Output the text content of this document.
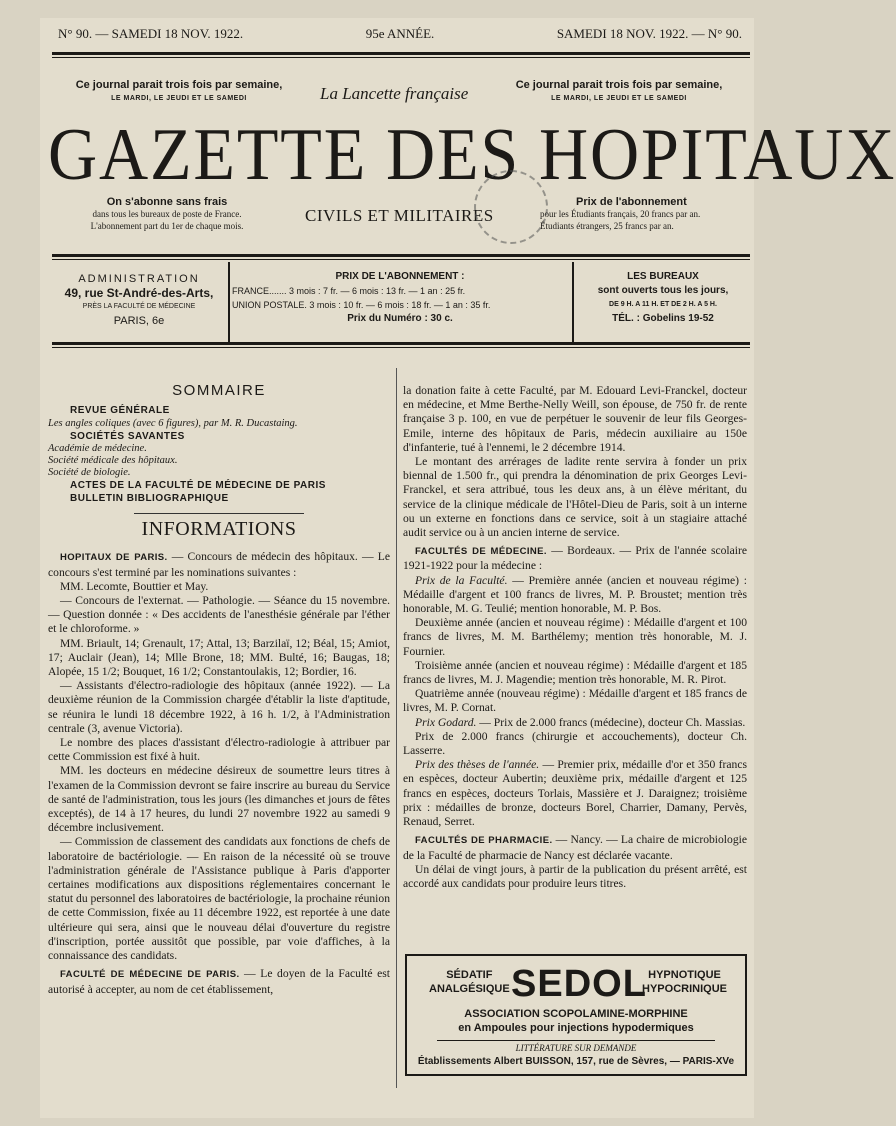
N° 90. — SAMEDI 18 NOV. 1922.	95e ANNÉE.	SAMEDI 18 NOV. 1922. — N° 90.
Ce journal parait trois fois par semaine,
LE MARDI, LE JEUDI ET LE SAMEDI	La Lancette française	Ce journal parait trois fois par semaine,
LE MARDI, LE JEUDI ET LE SAMEDI
GAZETTE DES HOPITAUX
On s'abonne sans frais
dans tous les bureaux de poste de France.
L'abonnement part du 1er de chaque mois.
CIVILS ET MILITAIRES
Prix de l'abonnement
pour les Étudiants français, 20 francs par an.
Étudiants étrangers, 25 francs par an.
ADMINISTRATION
49, rue St-André-des-Arts,
PRÈS LA FACULTÉ DE MÉDECINE
PARIS, 6e
PRIX DE L'ABONNEMENT :
FRANCE....... 3 mois : 7 fr. — 6 mois : 13 fr. — 1 an : 25 fr.
UNION POSTALE. 3 mois : 10 fr. — 6 mois : 18 fr. — 1 an : 35 fr.
Prix du Numéro : 30 c.
LES BUREAUX
sont ouverts tous les jours,
DE 9 H. A 11 H. ET DE 2 H. A 5 H.
TÉL. : Gobelins 19-52
SOMMAIRE
REVUE GÉNÉRALE
Les angles coliques (avec 6 figures), par M. R. Ducastaing.
SOCIÉTÉS SAVANTES
Académie de médecine.
Société médicale des hôpitaux.
Société de biologie.
ACTES DE LA FACULTÉ DE MÉDECINE DE PARIS
BULLETIN BIBLIOGRAPHIQUE
INFORMATIONS

HOPITAUX DE PARIS. — Concours de médecin des hôpitaux. — Le concours s'est terminé par les nominations suivantes :

MM. Lecomte, Bouttier et May.

— Concours de l'externat. — Pathologie. — Séance du 15 novembre. — Question donnée : « Des accidents de l'anesthésie générale par l'éther et le chloroforme. »

MM. Briault, 14; Grenault, 17; Attal, 13; Barzilaï, 12; Béal, 15; Amiot, 17; Auclair (Jean), 14; Mlle Brone, 18; MM. Bulté, 16; Baugas, 18; Alopée, 15 1/2; Bouquet, 16 1/2; Constantoulakis, 12; Bordier, 16.

— Assistants d'électro-radiologie des hôpitaux (année 1922). — La deuxième réunion de la Commission chargée d'établir la liste d'aptitude, se réunira le lundi 18 décembre 1922, à 16 h. 1/2, à l'Administration centrale (3, avenue Victoria).

Le nombre des places d'assistant d'électro-radiologie à attribuer par cette Commission est fixé à huit.

MM. les docteurs en médecine désireux de soumettre leurs titres à l'examen de la Commission devront se faire inscrire au bureau du Service de santé de l'administration, tous les jours (les dimanches et jours de fêtes exceptés), de 14 à 17 heures, du lundi 27 novembre 1922 au samedi 9 décembre inclusivement.

— Commission de classement des candidats aux fonctions de chefs de laboratoire de bactériologie. — En raison de la nécessité où se trouve l'administration générale de l'Assistance publique à Paris d'apporter certaines modifications aux dispositions réglementaires concernant le statut du personnel des laboratoires de bactériologie, la prochaine réunion de cette Commission, fixée au 11 décembre 1922, est reportée à une date ultérieure qui sera, ainsi que le nouveau délai d'ouverture du registre d'inscription, portée aussitôt que possible, par voie d'affiches, à la connaissance des candidats.

FACULTÉ DE MÉDECINE DE PARIS. — Le doyen de la Faculté est autorisé à accepter, au nom de cet établissement,

la donation faite à cette Faculté, par M. Edouard Levi-Franckel, docteur en médecine, et Mme Berthe-Nelly Weill, son épouse, de 750 fr. de rente française 3 p. 100, en vue de perpétuer le souvenir de leur fils Georges-Emile, interne des hôpitaux de Paris, médecin auxiliaire au 150e d'infanterie, tué à l'ennemi, le 2 décembre 1914.

Le montant des arrérages de ladite rente servira à fonder un prix biennal de 1.500 fr., qui prendra la dénomination de prix Georges Levi-Franckel, et sera attribué, tous les deux ans, à un élève méritant, du service de la clinique médicale de l'Hôtel-Dieu de Paris, soit à un interne ou un externe en fonctions dans ce service, soit à un stagiaire attaché audit service ou à un ancien interne de service.

FACULTÉS DE MÉDECINE. — Bordeaux. — Prix de l'année scolaire 1921-1922 pour la médecine :

Prix de la Faculté. — Première année (ancien et nouveau régime) : Médaille d'argent et 100 francs de livres, M. P. Broustet; mention très honorable, M. G. Teulié; mention honorable, M. P. Bos.

Deuxième année (ancien et nouveau régime) : Médaille d'argent et 100 francs de livres, M. M. Barthélemy; mention très honorable, M. J. Fournier.

Troisième année (ancien et nouveau régime) : Médaille d'argent et 185 francs de livres, M. J. Magendie; mention très honorable, M. R. Pirot.

Quatrième année (nouveau régime) : Médaille d'argent et 185 francs de livres, M. P. Cornat.

Prix Godard. — Prix de 2.000 francs (médecine), docteur Ch. Massias.

Prix de 2.000 francs (chirurgie et accouchements), docteur Ch. Lasserre.

Prix des thèses de l'année. — Premier prix, médaille d'or et 350 francs en espèces, docteur Aubertin; deuxième prix, médaille d'argent et 125 francs en espèces, docteurs Torlais, Massière et J. Daraignez; troisième prix : médailles de bronze, docteurs Borel, Charrier, Damany, Pervès, Renaud, Serret.

FACULTÉS DE PHARMACIE. — Nancy. — La chaire de microbiologie de la Faculté de pharmacie de Nancy est déclarée vacante.

Un délai de vingt jours, à partir de la publication du présent arrêté, est accordé aux candidats pour produire leurs titres.

SÉDATIF
ANALGÉSIQUE SEDOL HYPNOTIQUE
HYPOCRINIQUE
ASSOCIATION SCOPOLAMINE-MORPHINE
en Ampoules pour injections hypodermiques
LITTÉRATURE SUR DEMANDE
Établissements Albert BUISSON, 157, rue de Sèvres, — PARIS-XVe
